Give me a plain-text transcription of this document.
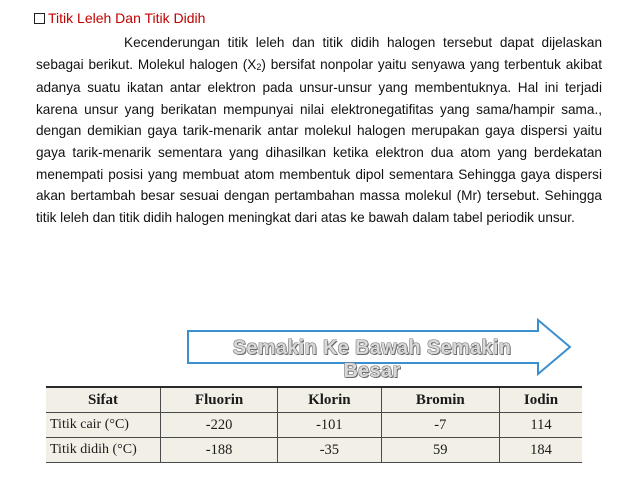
Titik Leleh Dan Titik Didih
Kecenderungan titik leleh dan titik didih halogen tersebut dapat dijelaskan sebagai berikut. Molekul halogen $(X_2)$ bersifat nonpolar yaitu senyawa yang terbentuk akibat adanya suatu ikatan antar elektron pada unsur-unsur yang membentuknya. Hal ini terjadi karena unsur yang berikatan mempunyai nilai elektronegatifitas yang sama/hampir sama., dengan demikian gaya tarik-menarik antar molekul halogen merupakan gaya dispersi yaitu gaya tarik-menarik sementara yang dihasilkan ketika elektron dua atom yang berdekatan menempati posisi yang membuat atom membentuk dipol sementara Sehingga gaya dispersi akan bertambah besar sesuai dengan pertambahan massa molekul (Mr) tersebut. Sehingga titik leleh dan titik didih halogen meningkat dari atas ke bawah dalam tabel periodik unsur.
Semakin Ke Bawah Semakin Besar
Sifat	Fluorin	Klorin	Bromin	Iodin
Titik cair (°C)	-220	-101	-7	114
Titik didih (°C)	-188	-35	59	184
